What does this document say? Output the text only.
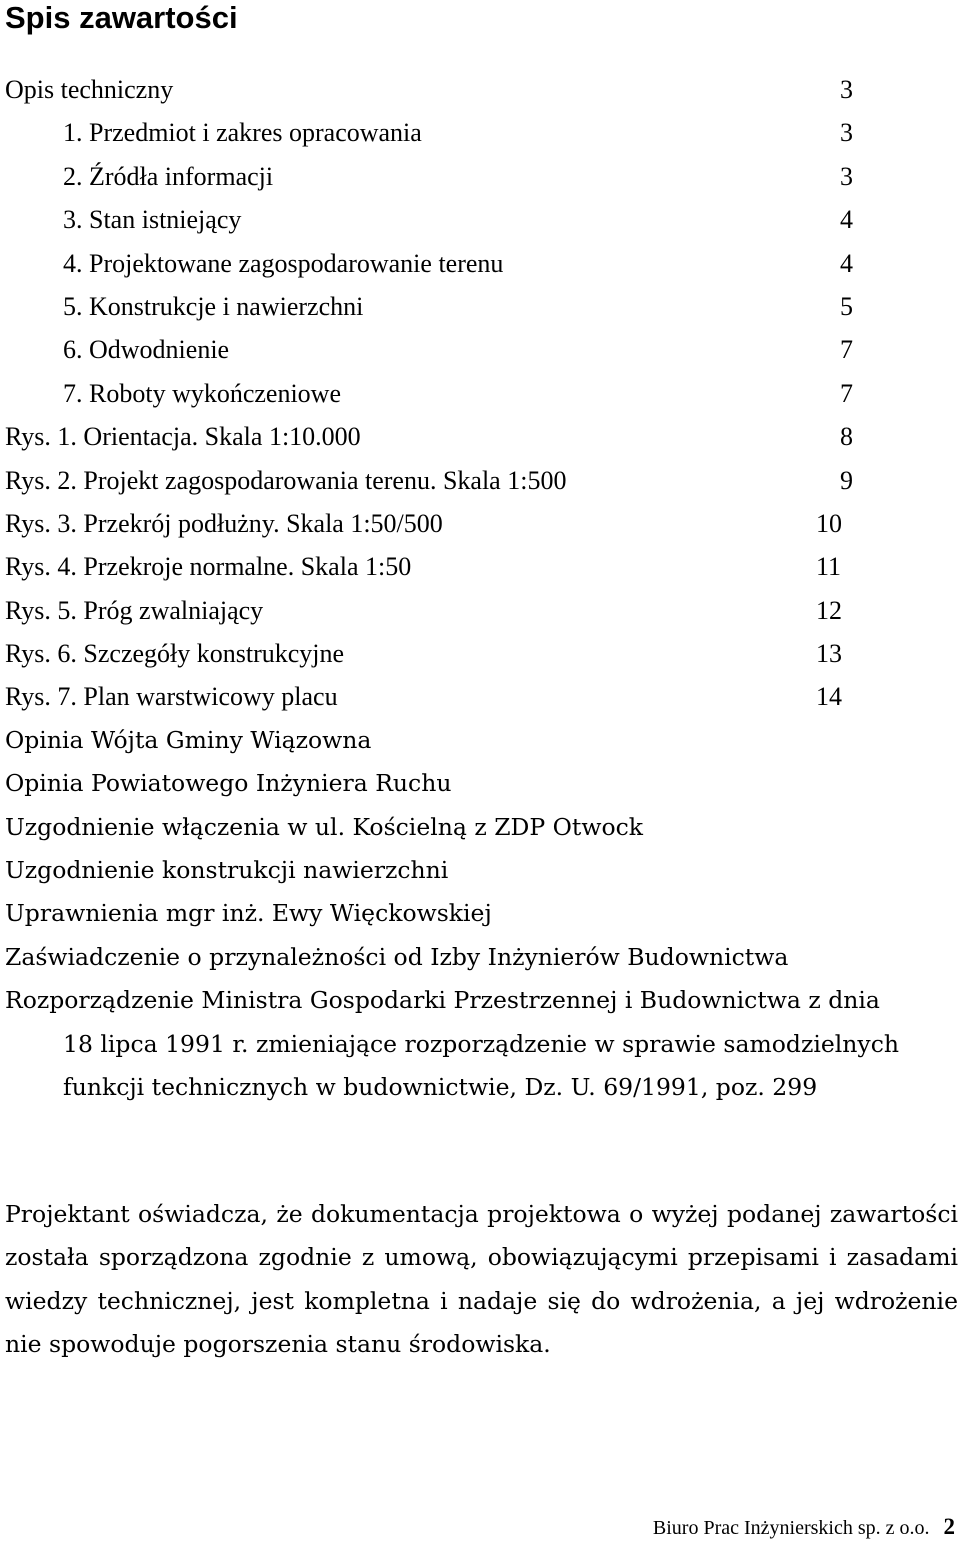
Spis zawartości
Opis techniczny	3
1. Przedmiot i zakres opracowania	3
2. Źródła informacji	3
3. Stan istniejący	4
4. Projektowane zagospodarowanie terenu	4
5. Konstrukcje i nawierzchni	5
6. Odwodnienie	7
7. Roboty wykończeniowe	7
Rys. 1. Orientacja. Skala 1:10.000	8
Rys. 2. Projekt zagospodarowania terenu. Skala 1:500	9
Rys. 3. Przekrój podłużny. Skala 1:50/500	10
Rys. 4. Przekroje normalne. Skala 1:50	11
Rys. 5. Próg zwalniający	12
Rys. 6. Szczegóły konstrukcyjne	13
Rys. 7. Plan warstwicowy placu	14
Opinia Wójta Gminy Wiązowna
Opinia Powiatowego Inżyniera Ruchu
Uzgodnienie włączenia w ul. Kościelną z ZDP Otwock
Uzgodnienie konstrukcji nawierzchni
Uprawnienia mgr inż. Ewy Więckowskiej
Zaświadczenie o przynależności od Izby Inżynierów Budownictwa
Rozporządzenie Ministra Gospodarki Przestrzennej i Budownictwa z dnia
18 lipca 1991 r. zmieniające rozporządzenie w sprawie samodzielnych
funkcji technicznych w budownictwie, Dz. U. 69/1991, poz. 299

Projektant oświadcza, że dokumentacja projektowa o wyżej podanej zawartości została sporządzona zgodnie z umową, obowiązującymi przepisami i zasadami wiedzy technicznej, jest kompletna i nadaje się do wdrożenia, a jej wdrożenie nie spowoduje pogorszenia stanu środowiska.

Biuro Prac Inżynierskich sp. z o.o. 2
